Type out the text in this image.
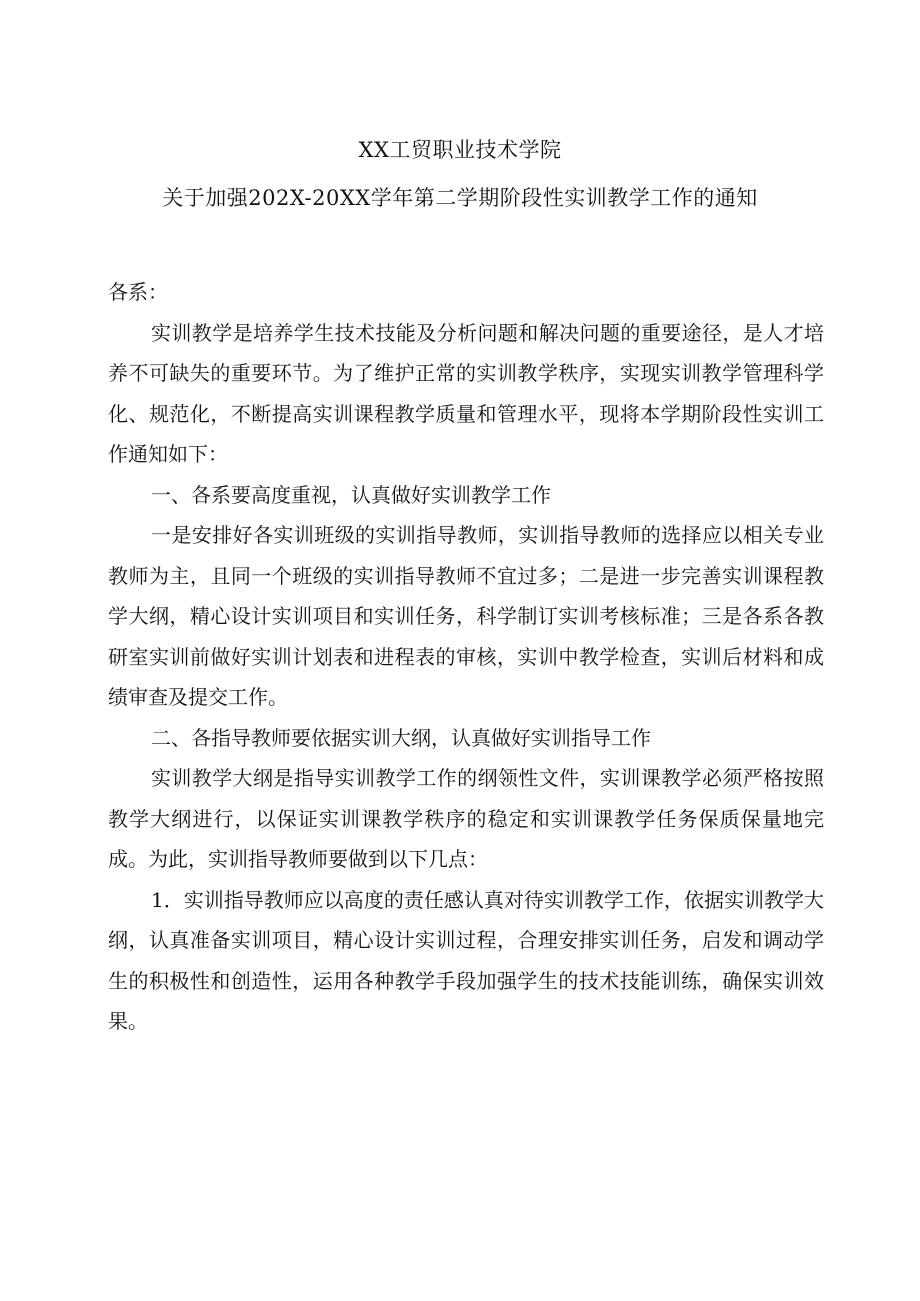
XX工贸职业技术学院
关于加强202X-20XX学年第二学期阶段性实训教学工作的通知

各系：

实训教学是培养学生技术技能及分析问题和解决问题的重要途径，是人才培养不可缺失的重要环节。为了维护正常的实训教学秩序，实现实训教学管理科学化、规范化，不断提高实训课程教学质量和管理水平，现将本学期阶段性实训工作通知如下：

一、各系要高度重视，认真做好实训教学工作

一是安排好各实训班级的实训指导教师，实训指导教师的选择应以相关专业教师为主，且同一个班级的实训指导教师不宜过多；二是进一步完善实训课程教学大纲，精心设计实训项目和实训任务，科学制订实训考核标准；三是各系各教研室实训前做好实训计划表和进程表的审核，实训中教学检查，实训后材料和成绩审查及提交工作。

二、各指导教师要依据实训大纲，认真做好实训指导工作

实训教学大纲是指导实训教学工作的纲领性文件，实训课教学必须严格按照教学大纲进行，以保证实训课教学秩序的稳定和实训课教学任务保质保量地完成。为此，实训指导教师要做到以下几点：

1．实训指导教师应以高度的责任感认真对待实训教学工作，依据实训教学大纲，认真准备实训项目，精心设计实训过程，合理安排实训任务，启发和调动学生的积极性和创造性，运用各种教学手段加强学生的技术技能训练，确保实训效果。
